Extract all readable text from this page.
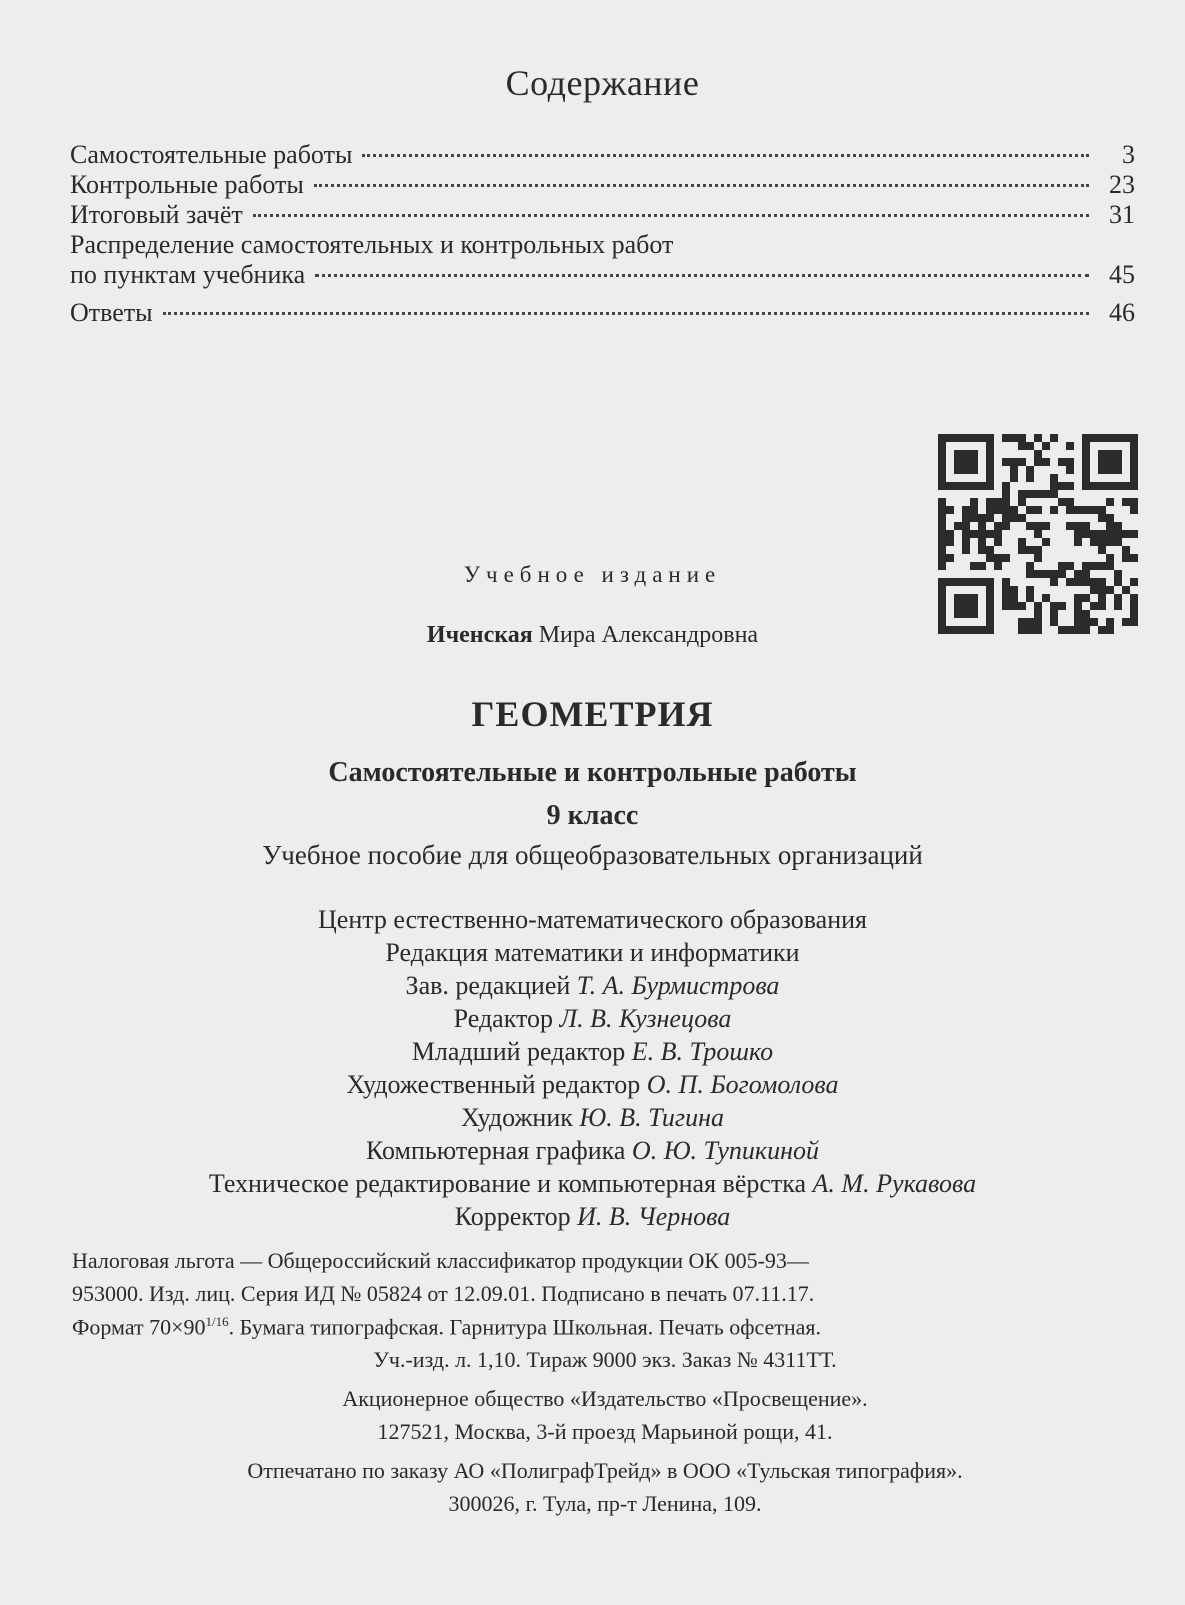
Содержание
Самостоятельные работы	3
Контрольные работы	23
Итоговый зачёт	31
Распределение самостоятельных и контрольных работ
по пунктам учебника	45
Ответы	46
Учебное издание
Иченская Мира Александровна
ГЕОМЕТРИЯ
Самостоятельные и контрольные работы
9 класс
Учебное пособие для общеобразовательных организаций
Центр естественно-математического образования
Редакция математики и информатики
Зав. редакцией Т. А. Бурмистрова
Редактор Л. В. Кузнецова
Младший редактор Е. В. Трошко
Художественный редактор О. П. Богомолова
Художник Ю. В. Тигина
Компьютерная графика О. Ю. Тупикиной
Техническое редактирование и компьютерная вёрстка А. М. Рукавова
Корректор И. В. Чернова
Налоговая льгота — Общероссийский классификатор продукции ОК 005-93—
953000. Изд. лиц. Серия ИД № 05824 от 12.09.01. Подписано в печать 07.11.17.
Формат $70\times 90^{1/16}$. Бумага типографская. Гарнитура Школьная. Печать офсетная.
Уч.-изд. л. 1,10. Тираж 9000 экз. Заказ № 4311ТТ.
Акционерное общество «Издательство «Просвещение».
127521, Москва, 3-й проезд Марьиной рощи, 41.
Отпечатано по заказу АО «ПолиграфТрейд» в ООО «Тульская типография».
300026, г. Тула, пр-т Ленина, 109.
